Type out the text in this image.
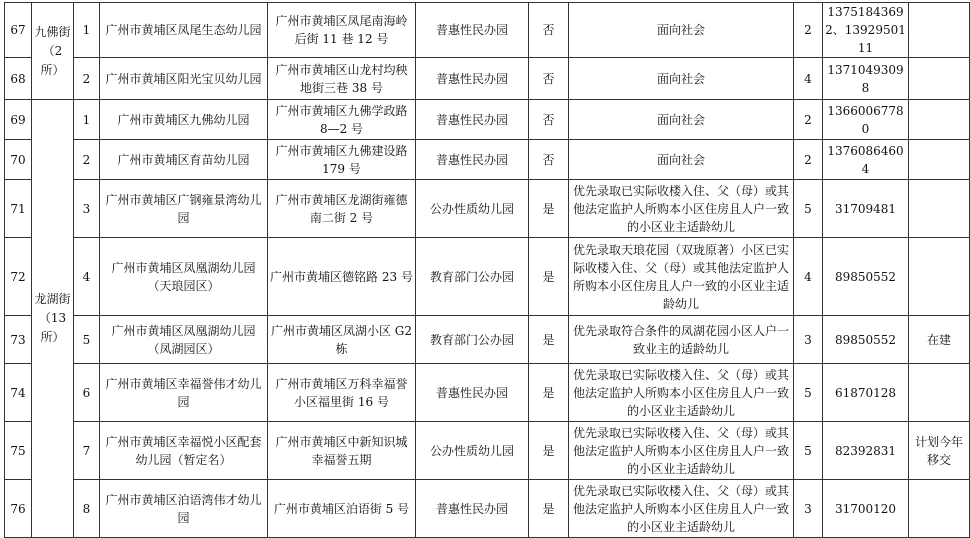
67	九佛街（2所）	1	广州市黄埔区凤尾生态幼儿园	广州市黄埔区凤尾南海岭后街 11 巷 12 号	普惠性民办园	否	面向社会	2	13751843692、1392950111	
68		2	广州市黄埔区阳光宝贝幼儿园	广州市黄埔区山龙村均秧地街三巷 38 号	普惠性民办园	否	面向社会	4	13710493098	
69	龙湖街（13所）	1	广州市黄埔区九佛幼儿园	广州市黄埔区九佛学政路 8—2 号	普惠性民办园	否	面向社会	2	13660067780	
70		2	广州市黄埔区育苗幼儿园	广州市黄埔区九佛建设路 179 号	普惠性民办园	否	面向社会	2	13760864604	
71		3	广州市黄埔区广钢雍景湾幼儿园	广州市黄埔区龙湖街雍德南二街 2 号	公办性质幼儿园	是	优先录取已实际收楼入住、父（母）或其他法定监护人所购本小区住房且人户一致的小区业主适龄幼儿	5	31709481	
72		4	广州市黄埔区凤凰湖幼儿园（天琅园区）	广州市黄埔区德铭路 23 号	教育部门公办园	是	优先录取天琅花园（双珑原著）小区已实际收楼入住、父（母）或其他法定监护人所购本小区住房且人户一致的小区业主适龄幼儿	4	89850552	
73		5	广州市黄埔区凤凰湖幼儿园（凤湖园区）	广州市黄埔区凤湖小区 G2 栋	教育部门公办园	是	优先录取符合条件的凤湖花园小区人户一致业主的适龄幼儿	3	89850552	在建
74		6	广州市黄埔区幸福誉伟才幼儿园	广州市黄埔区万科幸福誉小区福里街 16 号	普惠性民办园	是	优先录取已实际收楼入住、父（母）或其他法定监护人所购本小区住房且人户一致的小区业主适龄幼儿	5	61870128	
75		7	广州市黄埔区幸福悦小区配套幼儿园（暂定名）	广州市黄埔区中新知识城幸福誉五期	公办性质幼儿园	是	优先录取已实际收楼入住、父（母）或其他法定监护人所购本小区住房且人户一致的小区业主适龄幼儿	5	82392831	计划今年移交
76		8	广州市黄埔区泊语湾伟才幼儿园	广州市黄埔区泊语街 5 号	普惠性民办园	是	优先录取已实际收楼入住、父（母）或其他法定监护人所购本小区住房且人户一致的小区业主适龄幼儿	3	31700120	
